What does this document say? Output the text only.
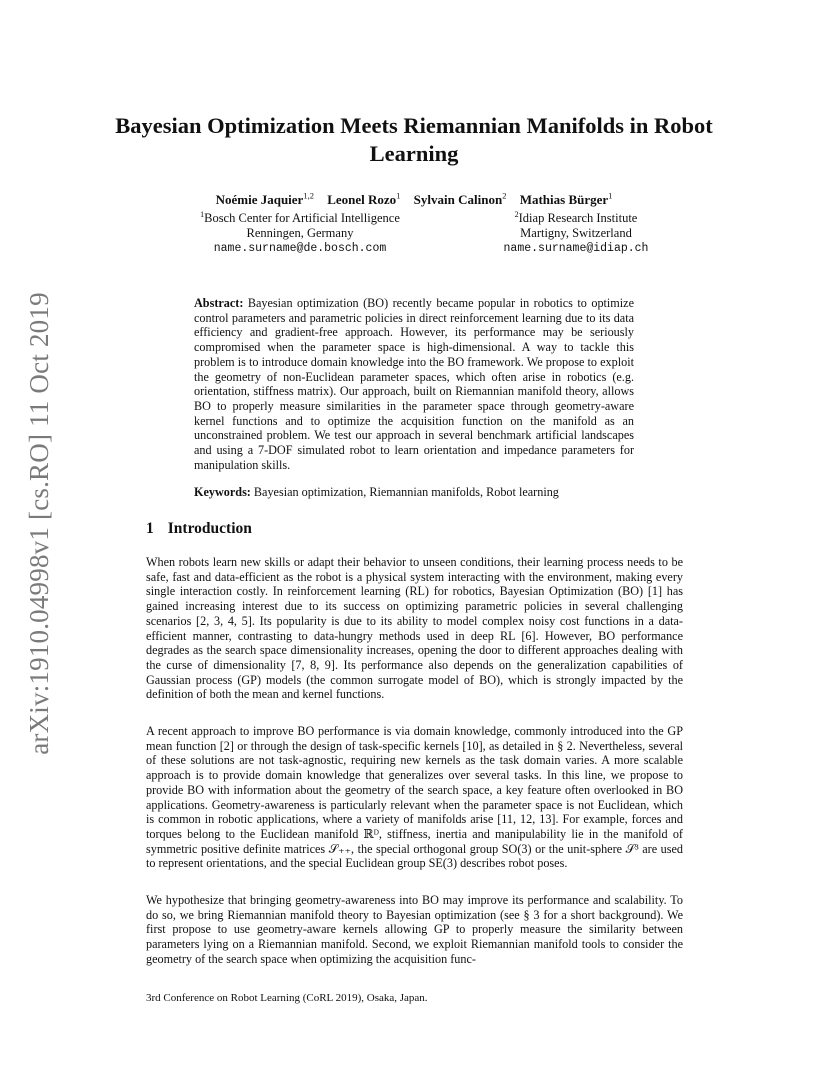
arXiv:1910.04998v1 [cs.RO] 11 Oct 2019
Bayesian Optimization Meets Riemannian Manifolds in Robot Learning
Noémie Jaquier$^{1,2}$ Leonel Rozo$^1$ Sylvain Calinon$^2$ Mathias Bürger$^1$
$^1$Bosch Center for Artificial Intelligence
Renningen, Germany
name.surname@de.bosch.com
$^2$Idiap Research Institute
Martigny, Switzerland
name.surname@idiap.ch

Abstract: Bayesian optimization (BO) recently became popular in robotics to optimize control parameters and parametric policies in direct reinforcement learning due to its data efficiency and gradient-free approach. However, its performance may be seriously compromised when the parameter space is high-dimensional. A way to tackle this problem is to introduce domain knowledge into the BO framework. We propose to exploit the geometry of non-Euclidean parameter spaces, which often arise in robotics (e.g. orientation, stiffness matrix). Our approach, built on Riemannian manifold theory, allows BO to properly measure similarities in the parameter space through geometry-aware kernel functions and to optimize the acquisition function on the manifold as an unconstrained problem. We test our approach in several benchmark artificial landscapes and using a 7-DOF simulated robot to learn orientation and impedance parameters for manipulation skills.

Keywords: Bayesian optimization, Riemannian manifolds, Robot learning

1 Introduction

When robots learn new skills or adapt their behavior to unseen conditions, their learning process needs to be safe, fast and data-efficient as the robot is a physical system interacting with the environment, making every single interaction costly. In reinforcement learning (RL) for robotics, Bayesian Optimization (BO) [1] has gained increasing interest due to its success on optimizing parametric policies in several challenging scenarios [2, 3, 4, 5]. Its popularity is due to its ability to model complex noisy cost functions in a data-efficient manner, contrasting to data-hungry methods used in deep RL [6]. However, BO performance degrades as the search space dimensionality increases, opening the door to different approaches dealing with the curse of dimensionality [7, 8, 9]. Its performance also depends on the generalization capabilities of Gaussian process (GP) models (the common surrogate model of BO), which is strongly impacted by the definition of both the mean and kernel functions.

A recent approach to improve BO performance is via domain knowledge, commonly introduced into the GP mean function [2] or through the design of task-specific kernels [10], as detailed in § 2. Nevertheless, several of these solutions are not task-agnostic, requiring new kernels as the task domain varies. A more scalable approach is to provide domain knowledge that generalizes over several tasks. In this line, we propose to provide BO with information about the geometry of the search space, a key feature often overlooked in BO applications. Geometry-awareness is particularly relevant when the parameter space is not Euclidean, which is common in robotic applications, where a variety of manifolds arise [11, 12, 13]. For example, forces and torques belong to the Euclidean manifold ℝᴰ, stiffness, inertia and manipulability lie in the manifold of symmetric positive definite matrices 𝒮₊₊, the special orthogonal group SO(3) or the unit-sphere 𝒮³ are used to represent orientations, and the special Euclidean group SE(3) describes robot poses.

We hypothesize that bringing geometry-awareness into BO may improve its performance and scalability. To do so, we bring Riemannian manifold theory to Bayesian optimization (see § 3 for a short background). We first propose to use geometry-aware kernels allowing GP to properly measure the similarity between parameters lying on a Riemannian manifold. Second, we exploit Riemannian manifold tools to consider the geometry of the search space when optimizing the acquisition func-

3rd Conference on Robot Learning (CoRL 2019), Osaka, Japan.
